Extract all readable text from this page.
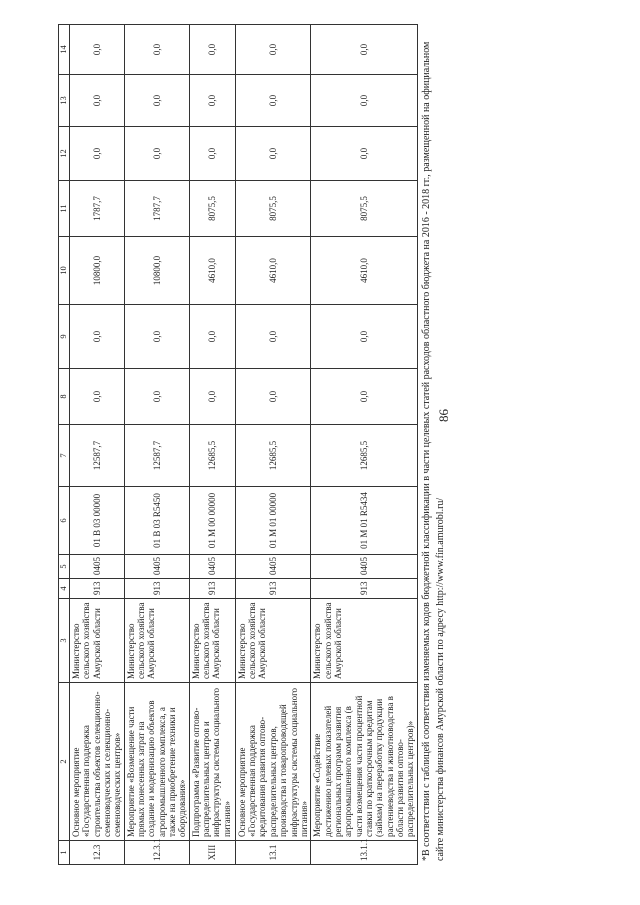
86
1	2	3	4	5	6	7	8	9	10	11	12	13	14
12.3	Основное мероприятие «Государственная поддержка строительства объектов селекционно-семеноводческих и селекционно-семеноводческих центров»	Министерство сельского хозяйства Амурской области	913	0405	01 В 03 00000	12587,7	0,0	0,0	10800,0	1787,7	0,0	0,0	0,0
12.3.1	Мероприятие «Возмещение части прямых понесенных затрат на создание и модернизацию объектов агропромышленного комплекса, а также на приобретение техники и оборудования»	Министерство сельского хозяйства Амурской области	913	0405	01 В 03 R5450	12587,7	0,0	0,0	10800,0	1787,7	0,0	0,0	0,0
XIII	Подпрограмма «Развитие оптово-распределительных центров и инфраструктуры системы социального питания»	Министерство сельского хозяйства Амурской области	913	0405	01 М 00 00000	12685,5	0,0	0,0	4610,0	8075,5	0,0	0,0	0,0
13.1	Основное мероприятие «Государственная поддержка кредитования развития оптово-распределительных центров, производства и товаропроводящей инфраструктуры системы социального питания»	Министерство сельского хозяйства Амурской области	913	0405	01 М 01 00000	12685,5	0,0	0,0	4610,0	8075,5	0,0	0,0	0,0
13.1.1	Мероприятие «Содействие достижению целевых показателей региональных программ развития агропромышленного комплекса (в части возмещения части процентной ставки по краткосрочным кредитам (займам) на переработку продукции растениеводства и животноводства в области развития оптово-распределительных центров)»	Министерство сельского хозяйства Амурской области	913	0405	01 М 01 R5434	12685,5	0,0	0,0	4610,0	8075,5	0,0	0,0	0,0	*В соответствии с таблицей соответствия изменяемых кодов бюджетной классификации в части целевых статей расходов областного бюджета на 2016 - 2018 гг., размещенной на официальном сайте министерства финансов Амурской области по адресу http://www.fin.amurobl.ru/
